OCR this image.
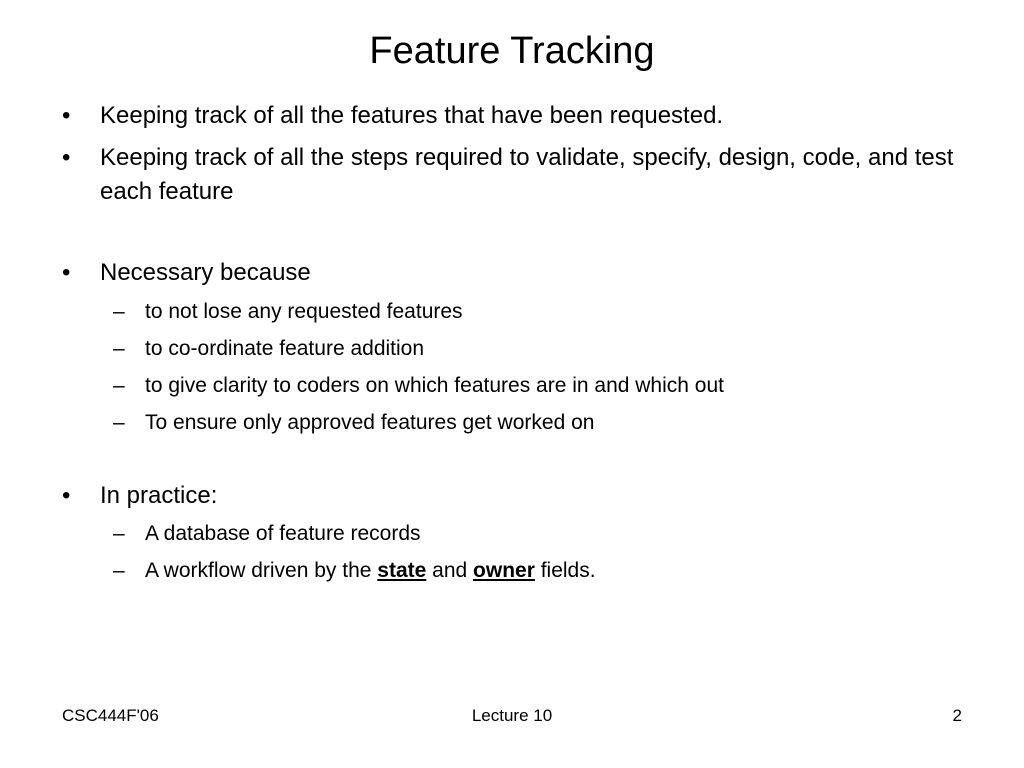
Feature Tracking
• Keeping track of all the features that have been requested.
• Keeping track of all the steps required to validate, specify, design, code, and test each feature
• Necessary because
– to not lose any requested features
– to co-ordinate feature addition
– to give clarity to coders on which features are in and which out
– To ensure only approved features get worked on
• In practice:
– A database of feature records
– A workflow driven by the state and owner fields.
CSC444F'06	Lecture 10	2
